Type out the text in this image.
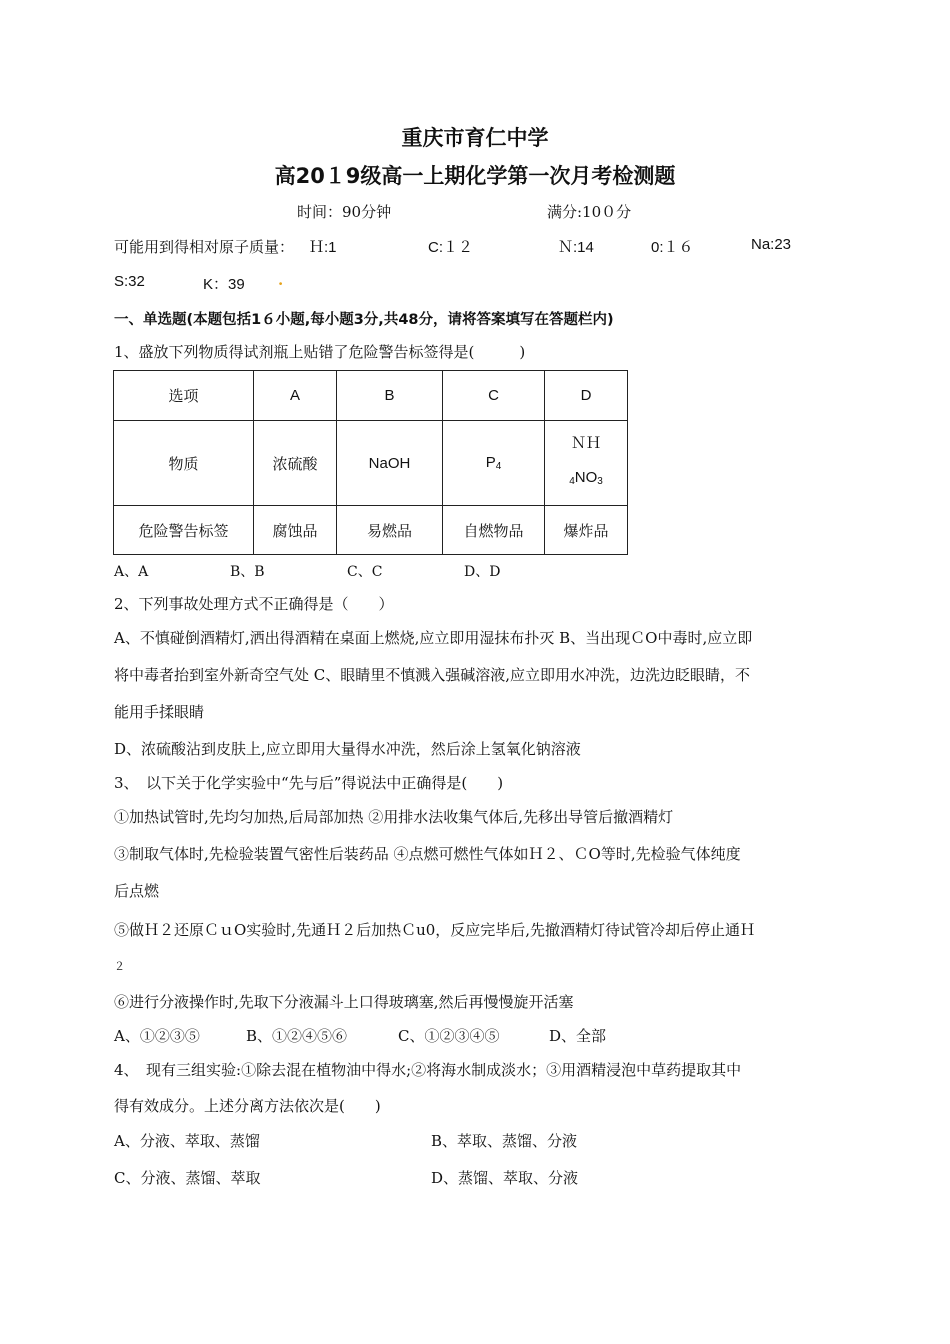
重庆市育仁中学
高20１9级高一上期化学第一次月考检测题
时间：90分钟	满分:10０分
可能用到得相对原子质量： Ｈ:1	C:１２	Ｎ:14	0:１６	Na:23
S:32	K：39 .
一、单选题(本题包括1６小题,每小题3分,共48分，请将答案填写在答题栏内)
1、盛放下列物质得试剂瓶上贴错了危险警告标签得是(　　　)
选项	A	B	C	D
物质	浓硫酸	NaOH	$P_4$	ＮＨ
$_4NO_3$
危险警告标签	腐蚀品	易燃品	自燃物品	爆炸品
A、A	B、B	C、C	D、D
2、下列事故处理方式不正确得是（　　）
A、不慎碰倒酒精灯,洒出得酒精在桌面上燃烧,应立即用湿抹布扑灭 B、当出现ＣO中毒时,应立即
将中毒者抬到室外新奇空气处 C、眼睛里不慎溅入强碱溶液,应立即用水冲洗，边洗边眨眼睛，不
能用手揉眼睛
D、浓硫酸沾到皮肤上,应立即用大量得水冲洗，然后涂上氢氧化钠溶液
3、　以下关于化学实验中“先与后”得说法中正确得是(　　)
①加热试管时,先均匀加热,后局部加热 ②用排水法收集气体后,先移出导管后撤酒精灯
③制取气体时,先检验装置气密性后装药品 ④点燃可燃性气体如Ｈ２、ＣO等时,先检验气体纯度
后点燃
⑤做Ｈ２还原ＣｕO实验时,先通Ｈ２后加热Ｃu0，反应完毕后,先撤酒精灯待试管冷却后停止通Ｈ
２
⑥进行分液操作时,先取下分液漏斗上口得玻璃塞,然后再慢慢旋开活塞
A、①②③⑤	B、①②④⑤⑥	C、①②③④⑤	D、全部
4、　现有三组实验:①除去混在植物油中得水;②将海水制成淡水；③用酒精浸泡中草药提取其中
得有效成分。上述分离方法依次是(　　)
A、分液、萃取、蒸馏	B、萃取、蒸馏、分液
C、分液、蒸馏、萃取	D、蒸馏、萃取、分液
